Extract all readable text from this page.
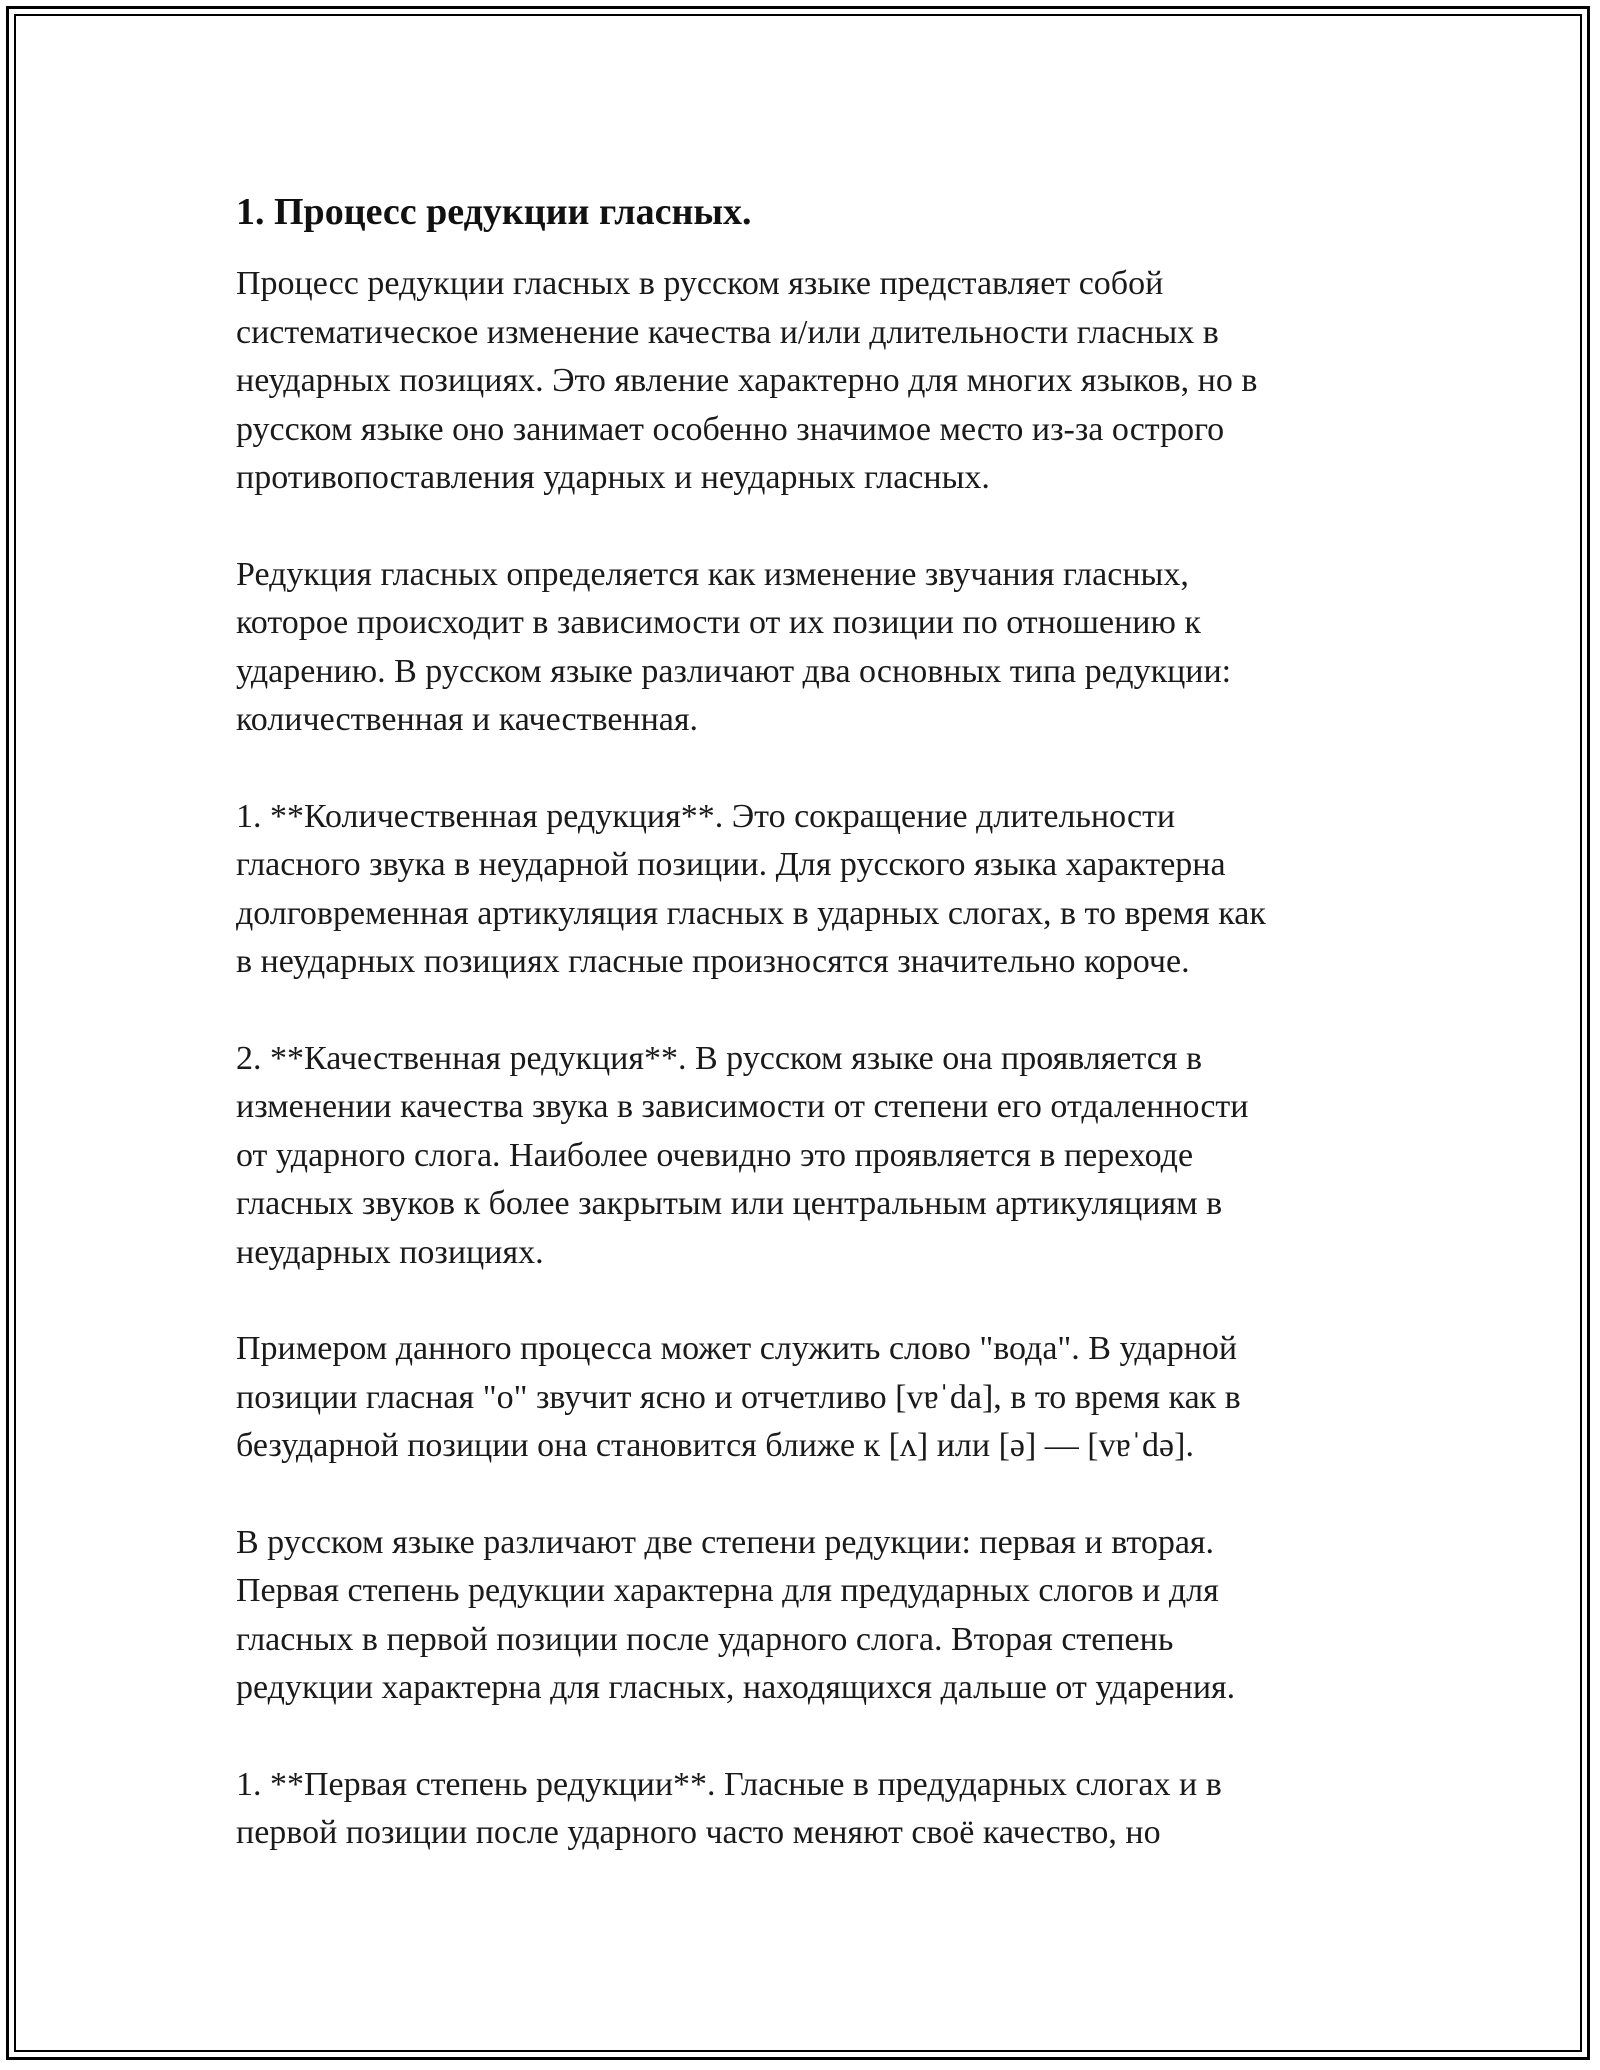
1. Процесс редукции гласных.

Процесс редукции гласных в русском языке представляет собой
систематическое изменение качества и/или длительности гласных в
неударных позициях. Это явление характерно для многих языков, но в
русском языке оно занимает особенно значимое место из-за острого
противопоставления ударных и неударных гласных.

Редукция гласных определяется как изменение звучания гласных,
которое происходит в зависимости от их позиции по отношению к
ударению. В русском языке различают два основных типа редукции:
количественная и качественная.

1. **Количественная редукция**. Это сокращение длительности
гласного звука в неударной позиции. Для русского языка характерна
долговременная артикуляция гласных в ударных слогах, в то время как
в неударных позициях гласные произносятся значительно короче.

2. **Качественная редукция**. В русском языке она проявляется в
изменении качества звука в зависимости от степени его отдаленности
от ударного слога. Наиболее очевидно это проявляется в переходе
гласных звуков к более закрытым или центральным артикуляциям в
неударных позициях.

Примером данного процесса может служить слово "вода". В ударной
позиции гласная "о" звучит ясно и отчетливо [vɐˈda], в то время как в
безударной позиции она становится ближе к [ʌ] или [ə] — [vɐˈdə].

В русском языке различают две степени редукции: первая и вторая.
Первая степень редукции характерна для предударных слогов и для
гласных в первой позиции после ударного слога. Вторая степень
редукции характерна для гласных, находящихся дальше от ударения.

1. **Первая степень редукции**. Гласные в предударных слогах и в
первой позиции после ударного часто меняют своё качество, но
